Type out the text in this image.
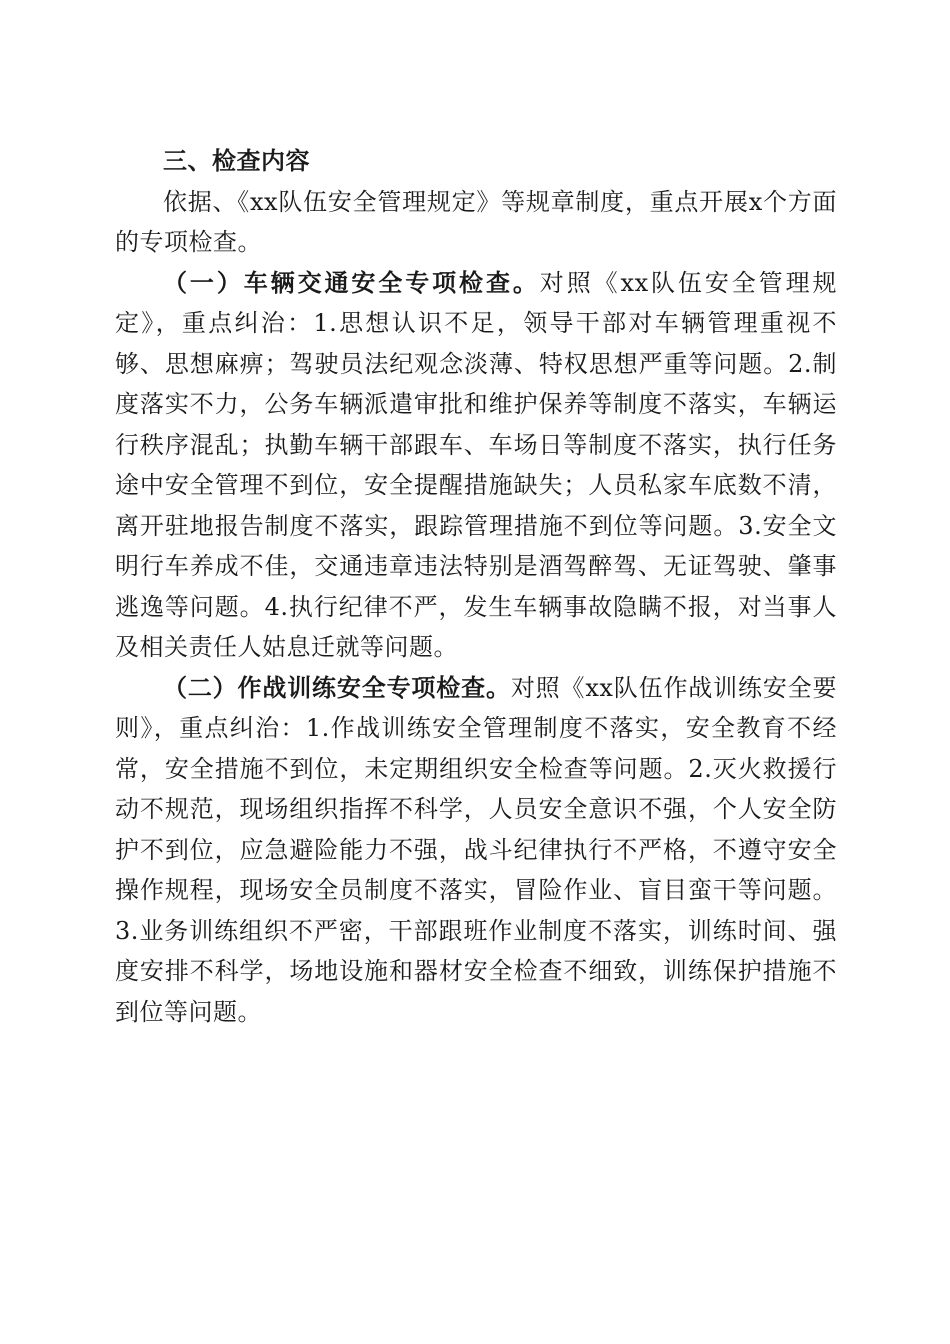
三、检查内容

依据、《xx队伍安全管理规定》等规章制度，重点开展x个方面的专项检查。

（一）车辆交通安全专项检查。对照《xx队伍安全管理规定》，重点纠治：1.思想认识不足，领导干部对车辆管理重视不够、思想麻痹；驾驶员法纪观念淡薄、特权思想严重等问题。2.制度落实不力，公务车辆派遣审批和维护保养等制度不落实，车辆运行秩序混乱；执勤车辆干部跟车、车场日等制度不落实，执行任务途中安全管理不到位，安全提醒措施缺失；人员私家车底数不清，离开驻地报告制度不落实，跟踪管理措施不到位等问题。3.安全文明行车养成不佳，交通违章违法特别是酒驾醉驾、无证驾驶、肇事逃逸等问题。4.执行纪律不严，发生车辆事故隐瞒不报，对当事人及相关责任人姑息迁就等问题。

（二）作战训练安全专项检查。对照《xx队伍作战训练安全要则》，重点纠治：1.作战训练安全管理制度不落实，安全教育不经常，安全措施不到位，未定期组织安全检查等问题。2.灭火救援行动不规范，现场组织指挥不科学，人员安全意识不强，个人安全防护不到位，应急避险能力不强，战斗纪律执行不严格，不遵守安全操作规程，现场安全员制度不落实，冒险作业、盲目蛮干等问题。3.业务训练组织不严密，干部跟班作业制度不落实，训练时间、强度安排不科学，场地设施和器材安全检查不细致，训练保护措施不到位等问题。
